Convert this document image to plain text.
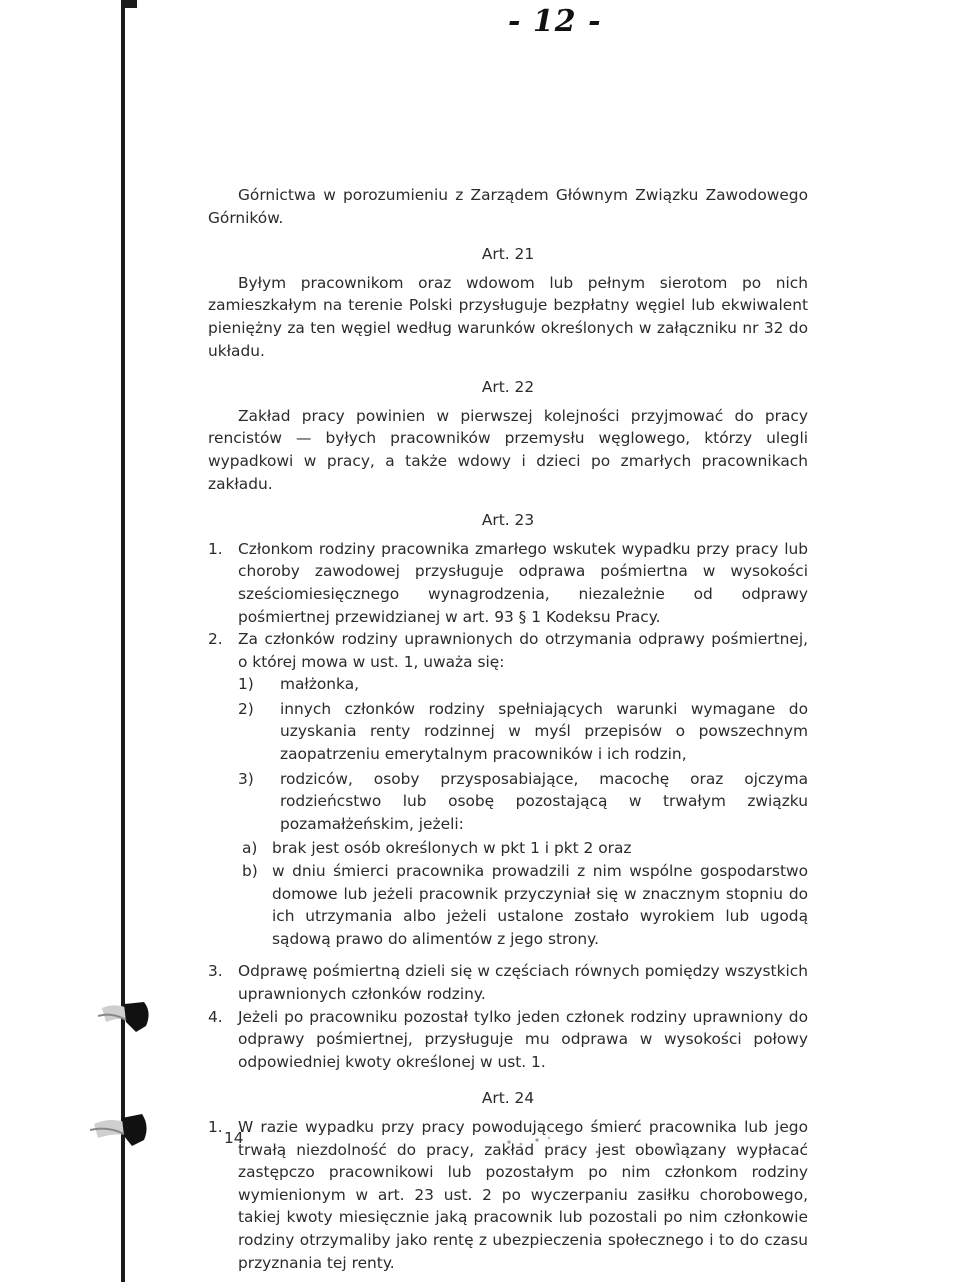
- 12 -

Górnictwa w porozumieniu z Zarządem Głównym Związku Zawodowego Górników.

Art. 21

Byłym pracownikom oraz wdowom lub pełnym sierotom po nich zamieszkałym na terenie Polski przysługuje bezpłatny węgiel lub ekwiwalent pieniężny za ten węgiel według warunków określonych w załączniku nr 32 do układu.

Art. 22

Zakład pracy powinien w pierwszej kolejności przyjmować do pracy rencistów — byłych pracowników przemysłu węglowego, którzy ulegli wypadkowi w pracy, a także wdowy i dzieci po zmarłych pracownikach zakładu.

Art. 23
1. Członkom rodziny pracownika zmarłego wskutek wypadku przy pracy lub choroby zawodowej przysługuje odprawa pośmiertna w wysokości sześciomiesięcznego wynagrodzenia, niezależnie od odprawy pośmiertnej przewidzianej w art. 93 § 1 Kodeksu Pracy.
2. Za członków rodziny uprawnionych do otrzymania odprawy pośmiertnej, o której mowa w ust. 1, uważa się:
1)	małżonka,
2)	innych członków rodziny spełniających warunki wymagane do uzyskania renty rodzinnej w myśl przepisów o powszechnym zaopatrzeniu emerytalnym pracowników i ich rodzin,
3)	rodziców, osoby przysposabiające, macochę oraz ojczyma rodzieńcstwo lub osobę pozostającą w trwałym związku pozamałżeńskim, jeżeli:
a) brak jest osób określonych w pkt 1 i pkt 2 oraz
b) w dniu śmierci pracownika prowadzili z nim wspólne gospodarstwo domowe lub jeżeli pracownik przyczyniał się w znacznym stopniu do ich utrzymania albo jeżeli ustalone zostało wyrokiem lub ugodą sądową prawo do alimentów z jego strony.
3. Odprawę pośmiertną dzieli się w częściach równych pomiędzy wszystkich uprawnionych członków rodziny.
4. Jeżeli po pracowniku pozostał tylko jeden członek rodziny uprawniony do odprawy pośmiertnej, przysługuje mu odprawa w wysokości połowy odpowiedniej kwoty określonej w ust. 1.
Art. 24
1. W razie wypadku przy pracy powodującego śmierć pracownika lub jego trwałą niezdolność do pracy, zakład pracy jest obowiązany wypłacać zastępczo pracownikowi lub pozostałym po nim członkom rodziny wymienionym w art. 23 ust. 2 po wyczerpaniu zasiłku chorobowego, takiej kwoty miesięcznie jaką pracownik lub pozostali po nim członkowie rodziny otrzymaliby jako rentę z ubezpieczenia społecznego i to do czasu przyznania tej renty.
14
